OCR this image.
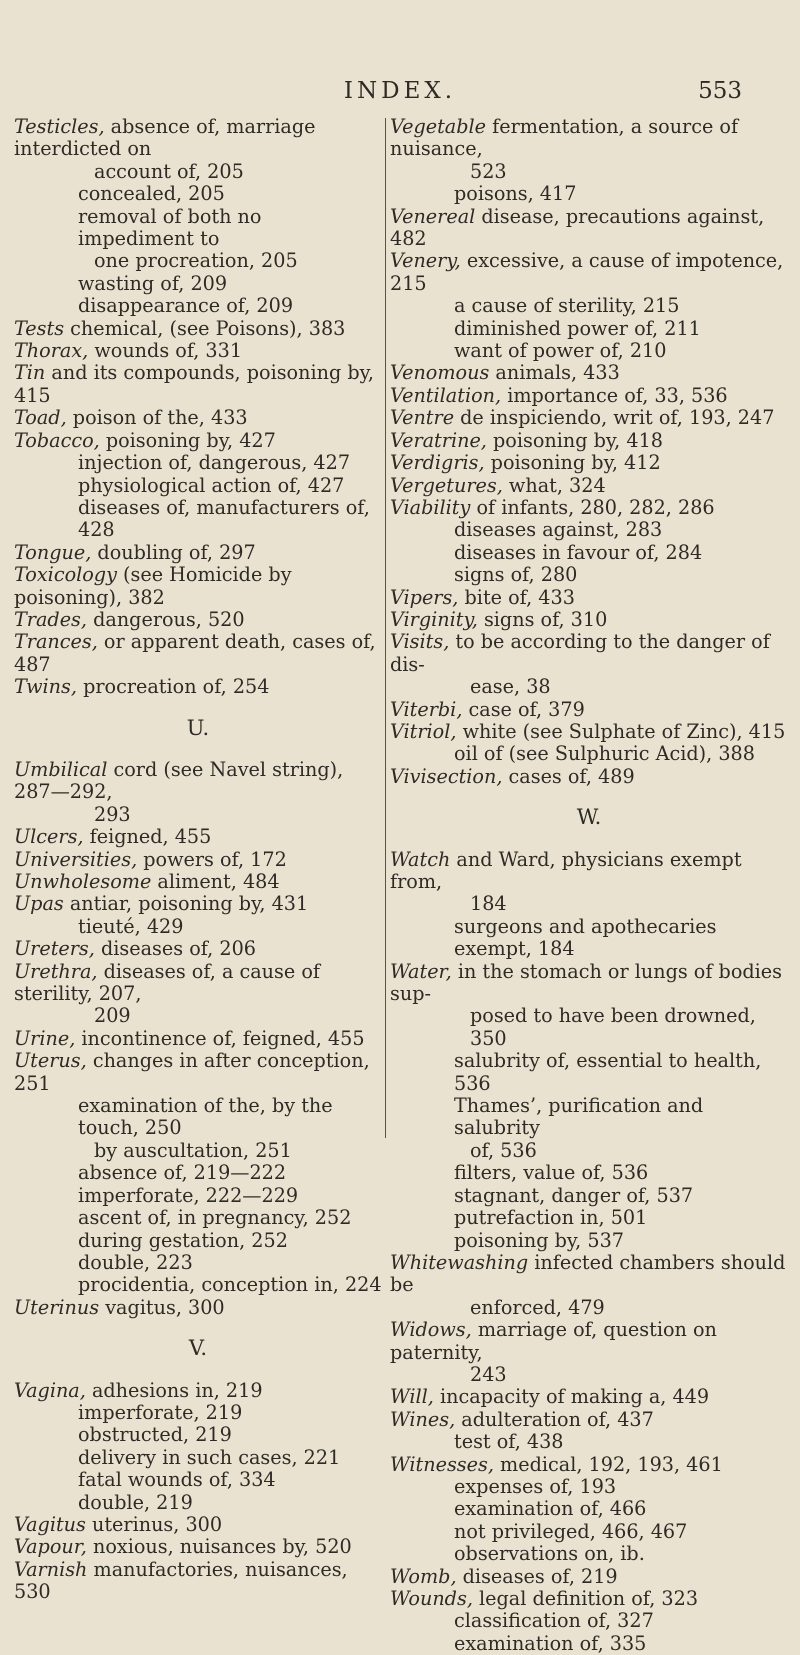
INDEX.	553
Testicles, absence of, marriage interdicted on
account of, 205
concealed, 205
removal of both no impediment to
one procreation, 205
wasting of, 209
disappearance of, 209
Tests chemical, (see Poisons), 383
Thorax, wounds of, 331
Tin and its compounds, poisoning by, 415
Toad, poison of the, 433
Tobacco, poisoning by, 427
injection of, dangerous, 427
physiological action of, 427
diseases of, manufacturers of, 428
Tongue, doubling of, 297
Toxicology (see Homicide by poisoning), 382
Trades, dangerous, 520
Trances, or apparent death, cases of, 487
Twins, procreation of, 254
U.
Umbilical cord (see Navel string), 287—292,
293
Ulcers, feigned, 455
Universities, powers of, 172
Unwholesome aliment, 484
Upas antiar, poisoning by, 431
tieuté, 429
Ureters, diseases of, 206
Urethra, diseases of, a cause of sterility, 207,
209
Urine, incontinence of, feigned, 455
Uterus, changes in after conception, 251
examination of the, by the touch, 250
by auscultation, 251
absence of, 219—222
imperforate, 222—229
ascent of, in pregnancy, 252
during gestation, 252
double, 223
procidentia, conception in, 224
Uterinus vagitus, 300
V.
Vagina, adhesions in, 219
imperforate, 219
obstructed, 219
delivery in such cases, 221
fatal wounds of, 334
double, 219
Vagitus uterinus, 300
Vapour, noxious, nuisances by, 520
Varnish manufactories, nuisances, 530
Vegetable fermentation, a source of nuisance,
523
poisons, 417
Venereal disease, precautions against, 482
Venery, excessive, a cause of impotence, 215
a cause of sterility, 215
diminished power of, 211
want of power of, 210
Venomous animals, 433
Ventilation, importance of, 33, 536
Ventre de inspiciendo, writ of, 193, 247
Veratrine, poisoning by, 418
Verdigris, poisoning by, 412
Vergetures, what, 324
Viability of infants, 280, 282, 286
diseases against, 283
diseases in favour of, 284
signs of, 280
Vipers, bite of, 433
Virginity, signs of, 310
Visits, to be according to the danger of dis-
ease, 38
Viterbi, case of, 379
Vitriol, white (see Sulphate of Zinc), 415
oil of (see Sulphuric Acid), 388
Vivisection, cases of, 489
W.
Watch and Ward, physicians exempt from,
184
surgeons and apothecaries exempt, 184
Water, in the stomach or lungs of bodies sup-
posed to have been drowned, 350
salubrity of, essential to health, 536
Thames’, purification and salubrity
of, 536
filters, value of, 536
stagnant, danger of, 537
putrefaction in, 501
poisoning by, 537
Whitewashing infected chambers should be
enforced, 479
Widows, marriage of, question on paternity,
243
Will, incapacity of making a, 449
Wines, adulteration of, 437
test of, 438
Witnesses, medical, 192, 193, 461
expenses of, 193
examination of, 466
not privileged, 466, 467
observations on, ib.
Womb, diseases of, 219
Wounds, legal definition of, 323
classification of, 327
examination of, 335
